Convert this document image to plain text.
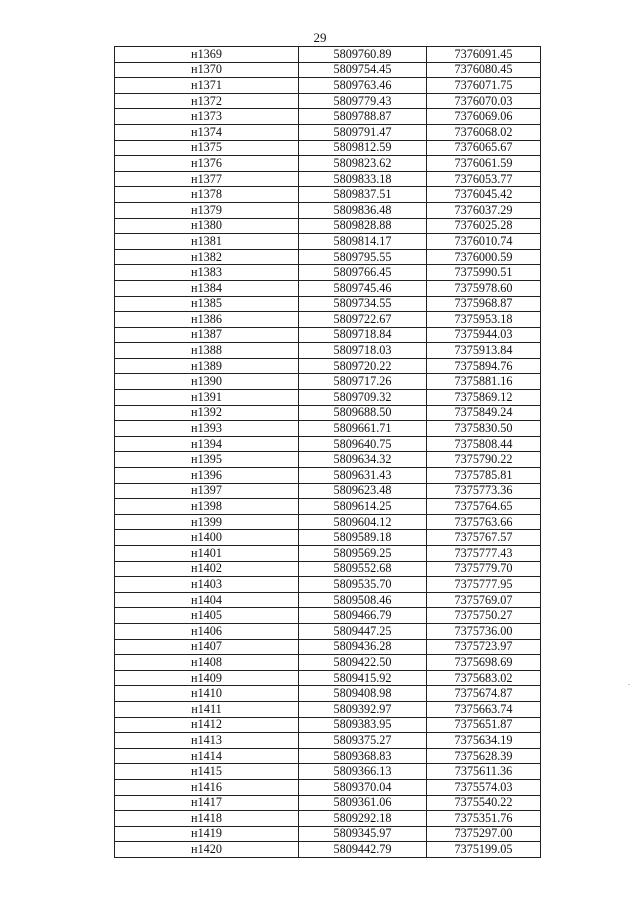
29
н1369	5809760.89	7376091.45
н1370	5809754.45	7376080.45
н1371	5809763.46	7376071.75
н1372	5809779.43	7376070.03
н1373	5809788.87	7376069.06
н1374	5809791.47	7376068.02
н1375	5809812.59	7376065.67
н1376	5809823.62	7376061.59
н1377	5809833.18	7376053.77
н1378	5809837.51	7376045.42
н1379	5809836.48	7376037.29
н1380	5809828.88	7376025.28
н1381	5809814.17	7376010.74
н1382	5809795.55	7376000.59
н1383	5809766.45	7375990.51
н1384	5809745.46	7375978.60
н1385	5809734.55	7375968.87
н1386	5809722.67	7375953.18
н1387	5809718.84	7375944.03
н1388	5809718.03	7375913.84
н1389	5809720.22	7375894.76
н1390	5809717.26	7375881.16
н1391	5809709.32	7375869.12
н1392	5809688.50	7375849.24
н1393	5809661.71	7375830.50
н1394	5809640.75	7375808.44
н1395	5809634.32	7375790.22
н1396	5809631.43	7375785.81
н1397	5809623.48	7375773.36
н1398	5809614.25	7375764.65
н1399	5809604.12	7375763.66
н1400	5809589.18	7375767.57
н1401	5809569.25	7375777.43
н1402	5809552.68	7375779.70
н1403	5809535.70	7375777.95
н1404	5809508.46	7375769.07
н1405	5809466.79	7375750.27
н1406	5809447.25	7375736.00
н1407	5809436.28	7375723.97
н1408	5809422.50	7375698.69
н1409	5809415.92	7375683.02
н1410	5809408.98	7375674.87
н1411	5809392.97	7375663.74
н1412	5809383.95	7375651.87
н1413	5809375.27	7375634.19
н1414	5809368.83	7375628.39
н1415	5809366.13	7375611.36
н1416	5809370.04	7375574.03
н1417	5809361.06	7375540.22
н1418	5809292.18	7375351.76
н1419	5809345.97	7375297.00
н1420	5809442.79	7375199.05
.
